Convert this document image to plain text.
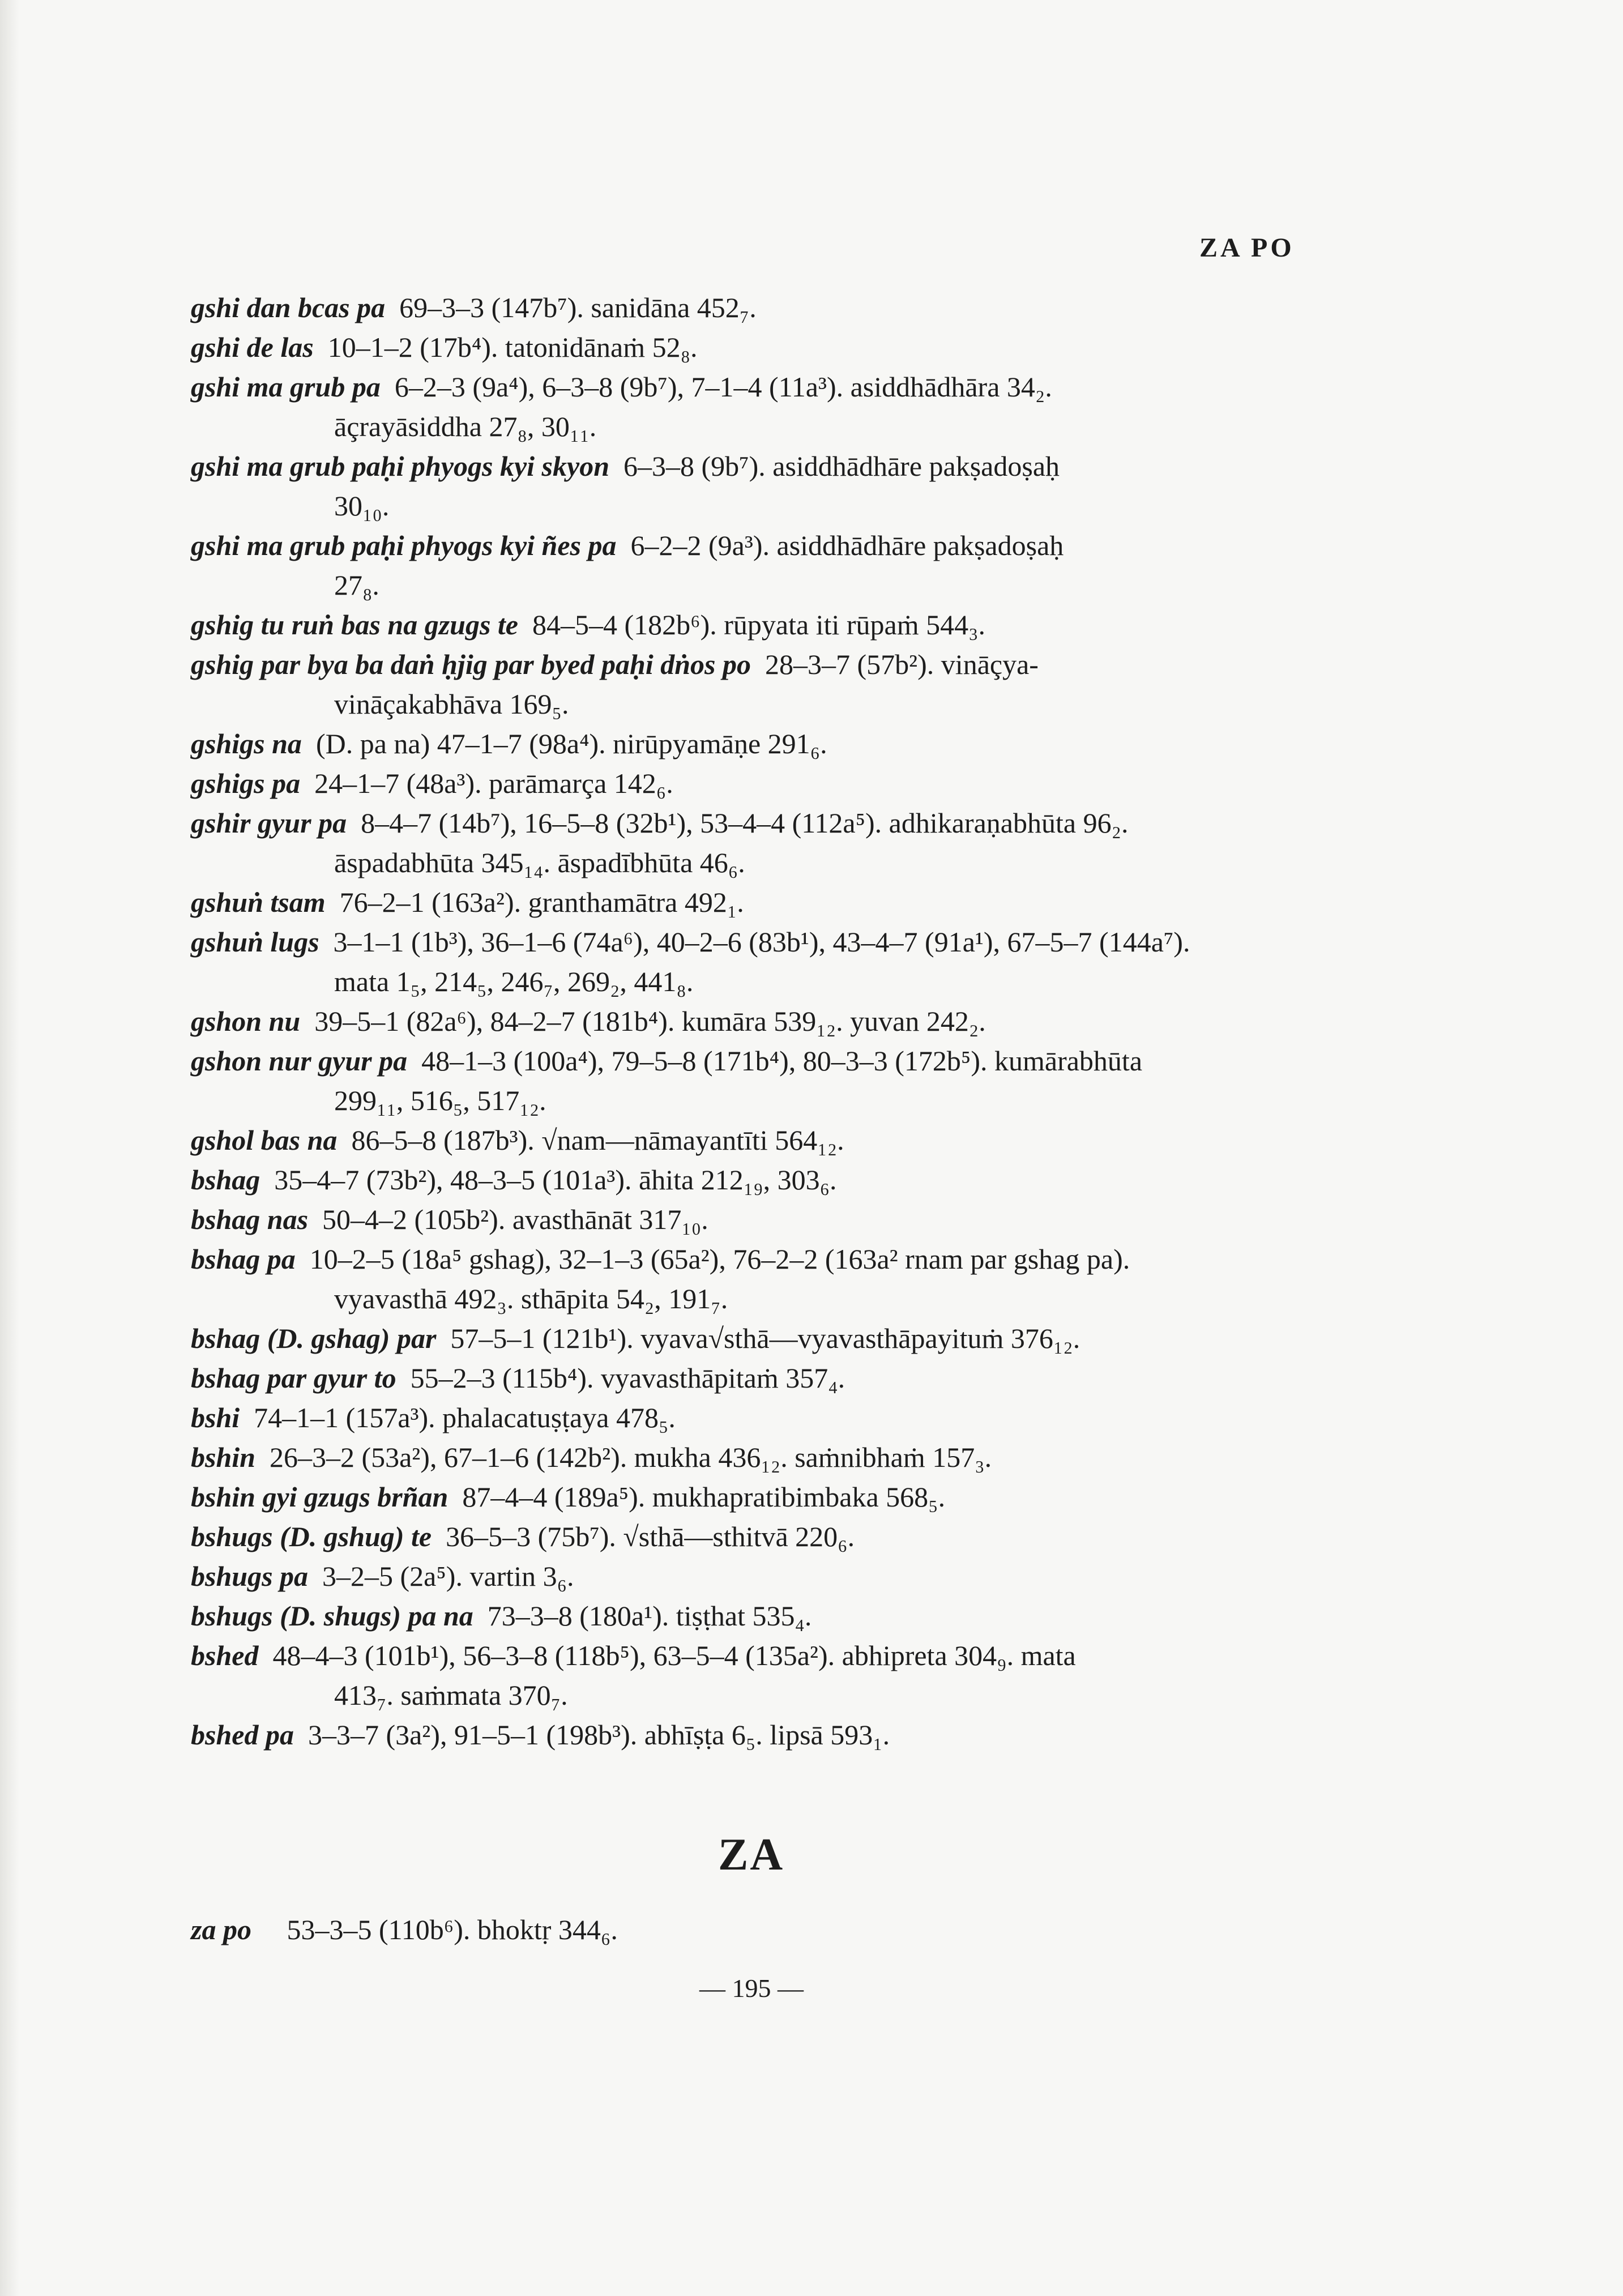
ZA PO
gshi dan bcas pa 69–3–3 (147b⁷). sanidāna 452₇.
gshi de las 10–1–2 (17b⁴). tatonidānaṁ 52₈.
gshi ma grub pa 6–2–3 (9a⁴), 6–3–8 (9b⁷), 7–1–4 (11a³). asiddhādhāra 34₂.
āçrayāsiddha 27₈, 30₁₁.
gshi ma grub paḥi phyogs kyi skyon 6–3–8 (9b⁷). asiddhādhāre pakṣadoṣaḥ
30₁₀.
gshi ma grub paḥi phyogs kyi ñes pa 6–2–2 (9a³). asiddhādhāre pakṣadoṣaḥ
27₈.
gshig tu ruṅ bas na gzugs te 84–5–4 (182b⁶). rūpyata iti rūpaṁ 544₃.
gshig par bya ba daṅ ḥjig par byed paḥi dṅos po 28–3–7 (57b²). vināçya-
vināçakabhāva 169₅.
gshigs na (D. pa na) 47–1–7 (98a⁴). nirūpyamāṇe 291₆.
gshigs pa 24–1–7 (48a³). parāmarça 142₆.
gshir gyur pa 8–4–7 (14b⁷), 16–5–8 (32b¹), 53–4–4 (112a⁵). adhikaraṇabhūta 96₂.
āspadabhūta 345₁₄. āspadībhūta 46₆.
gshuṅ tsam 76–2–1 (163a²). granthamātra 492₁.
gshuṅ lugs 3–1–1 (1b³), 36–1–6 (74a⁶), 40–2–6 (83b¹), 43–4–7 (91a¹), 67–5–7 (144a⁷).
mata 1₅, 214₅, 246₇, 269₂, 441₈.
gshon nu 39–5–1 (82a⁶), 84–2–7 (181b⁴). kumāra 539₁₂. yuvan 242₂.
gshon nur gyur pa 48–1–3 (100a⁴), 79–5–8 (171b⁴), 80–3–3 (172b⁵). kumārabhūta
299₁₁, 516₅, 517₁₂.
gshol bas na 86–5–8 (187b³). √nam—nāmayantīti 564₁₂.
bshag 35–4–7 (73b²), 48–3–5 (101a³). āhita 212₁₉, 303₆.
bshag nas 50–4–2 (105b²). avasthānāt 317₁₀.
bshag pa 10–2–5 (18a⁵ gshag), 32–1–3 (65a²), 76–2–2 (163a² rnam par gshag pa).
vyavasthā 492₃. sthāpita 54₂, 191₇.
bshag (D. gshag) par 57–5–1 (121b¹). vyava√sthā—vyavasthāpayituṁ 376₁₂.
bshag par gyur to 55–2–3 (115b⁴). vyavasthāpitaṁ 357₄.
bshi 74–1–1 (157a³). phalacatuṣṭaya 478₅.
bshin 26–3–2 (53a²), 67–1–6 (142b²). mukha 436₁₂. saṁnibhaṁ 157₃.
bshin gyi gzugs brñan 87–4–4 (189a⁵). mukhapratibimbaka 568₅.
bshugs (D. gshug) te 36–5–3 (75b⁷). √sthā—sthitvā 220₆.
bshugs pa 3–2–5 (2a⁵). vartin 3₆.
bshugs (D. shugs) pa na 73–3–8 (180a¹). tiṣṭhat 535₄.
bshed 48–4–3 (101b¹), 56–3–8 (118b⁵), 63–5–4 (135a²). abhipreta 304₉. mata
413₇. saṁmata 370₇.
bshed pa 3–3–7 (3a²), 91–5–1 (198b³). abhīṣṭa 6₅. lipsā 593₁.
ZA
za po 53–3–5 (110b⁶). bhoktṛ 344₆.
— 195 —
